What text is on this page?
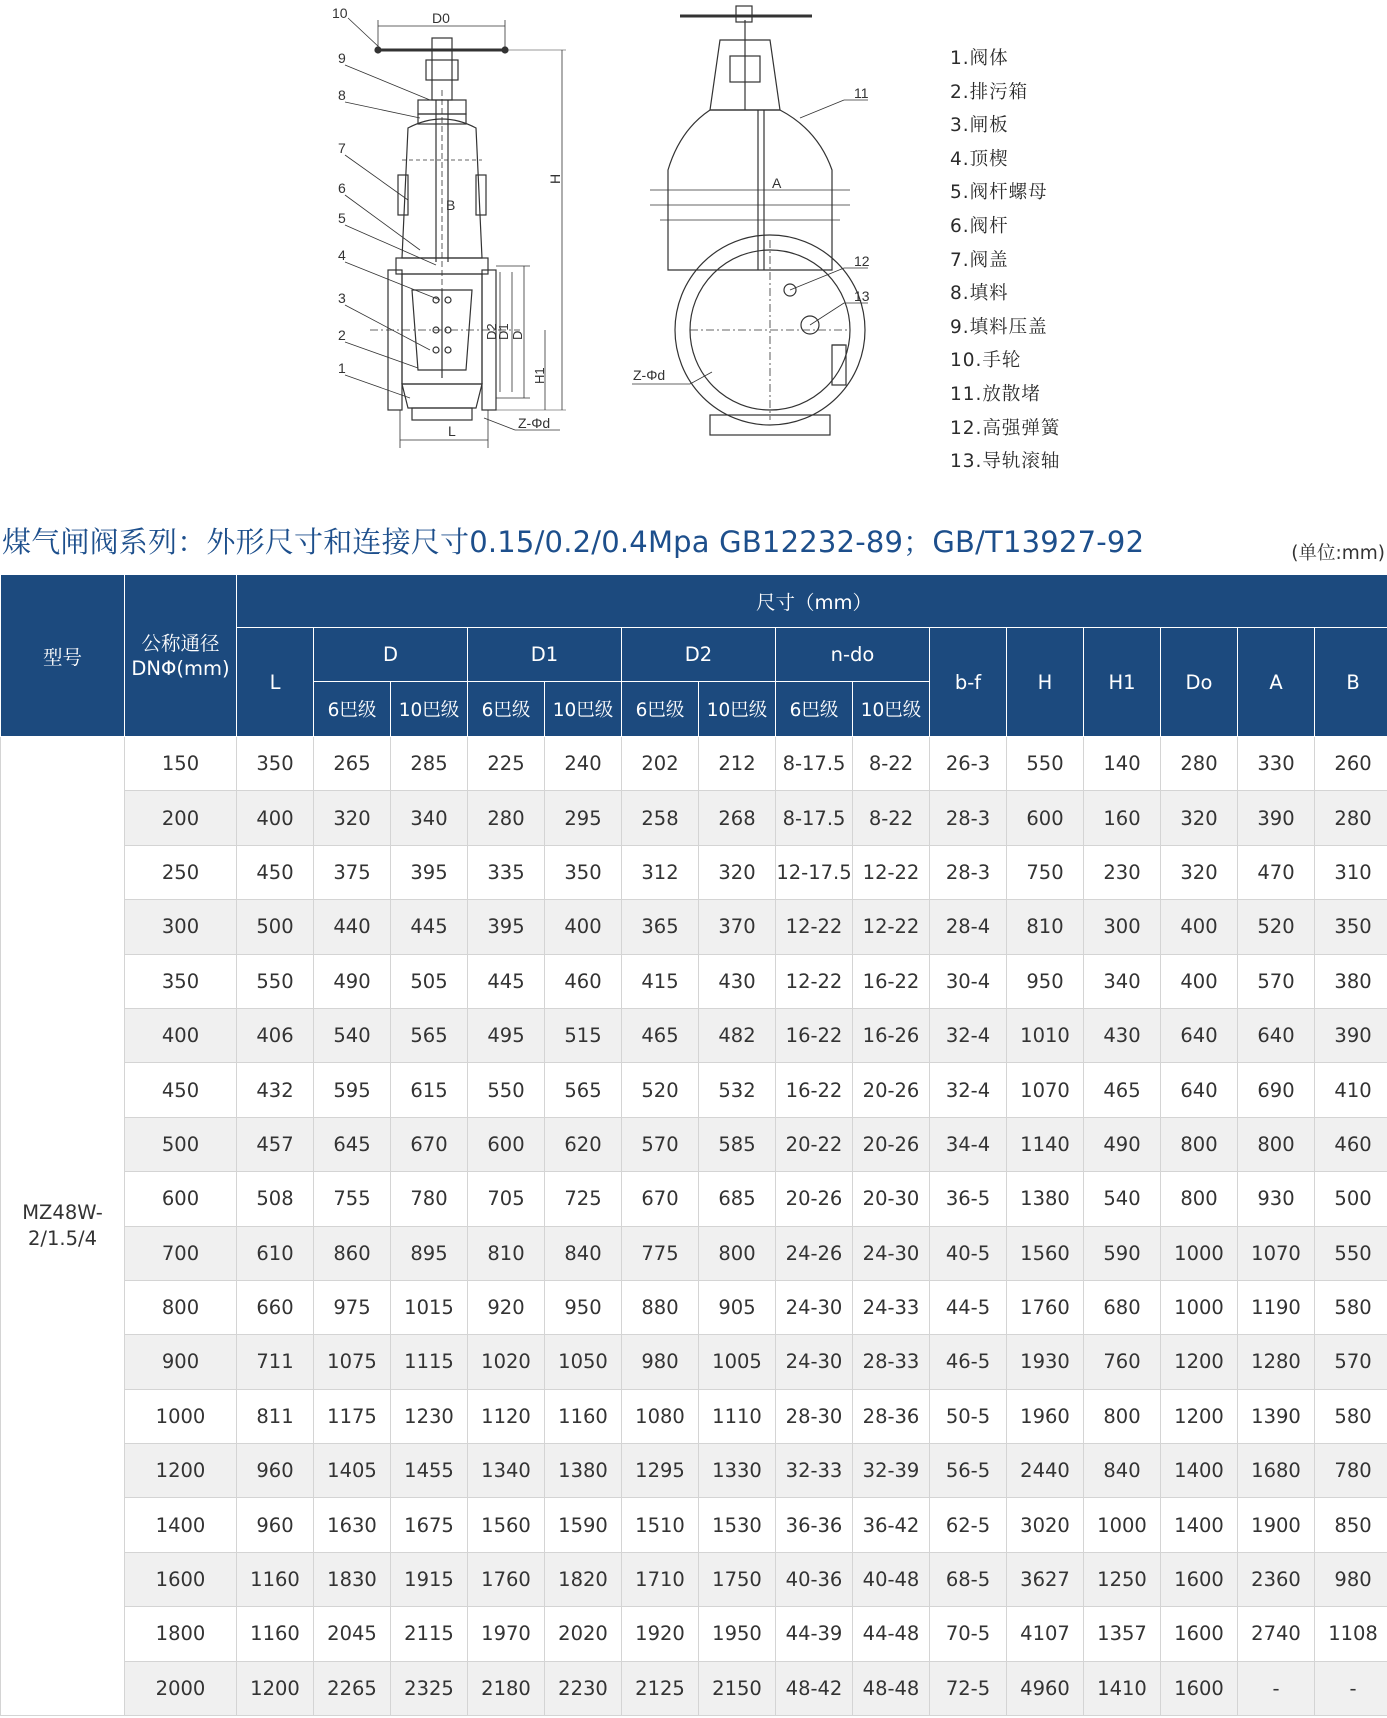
D0
B
D2
D1 D
H
H1
L	Z-Φd
10
9
8
7
6
5
4
3
2
1
A
11
12
13
Z-Φd
1.阀体
2.排污箱
3.闸板
4.顶楔
5.阀杆螺母
6.阀杆
7.阀盖
8.填料
9.填料压盖
10.手轮
11.放散堵
12.高强弹簧
13.导轨滚轴
煤气闸阀系列：外形尺寸和连接尺寸0.15/0.2/0.4Mpa GB12232-89；GB/T13927-92	(单位:mm)
型号	公称通径DNΦ(mm)	尺寸（mm）														
		L	D		D1		D2		n-do		b-f	H	H1	Do	A	B
			6巴级	10巴级	6巴级	10巴级	6巴级	10巴级	6巴级	10巴级						
MZ48W-2/1.5/4	150	350	265	285	225	240	202	212	8-17.5	8-22	26-3	550	140	280	330	260
	200	400	320	340	280	295	258	268	8-17.5	8-22	28-3	600	160	320	390	280
	250	450	375	395	335	350	312	320	12-17.5	12-22	28-3	750	230	320	470	310
	300	500	440	445	395	400	365	370	12-22	12-22	28-4	810	300	400	520	350
	350	550	490	505	445	460	415	430	12-22	16-22	30-4	950	340	400	570	380
	400	406	540	565	495	515	465	482	16-22	16-26	32-4	1010	430	640	640	390
	450	432	595	615	550	565	520	532	16-22	20-26	32-4	1070	465	640	690	410
	500	457	645	670	600	620	570	585	20-22	20-26	34-4	1140	490	800	800	460
	600	508	755	780	705	725	670	685	20-26	20-30	36-5	1380	540	800	930	500
	700	610	860	895	810	840	775	800	24-26	24-30	40-5	1560	590	1000	1070	550
	800	660	975	1015	920	950	880	905	24-30	24-33	44-5	1760	680	1000	1190	580
	900	711	1075	1115	1020	1050	980	1005	24-30	28-33	46-5	1930	760	1200	1280	570
	1000	811	1175	1230	1120	1160	1080	1110	28-30	28-36	50-5	1960	800	1200	1390	580
	1200	960	1405	1455	1340	1380	1295	1330	32-33	32-39	56-5	2440	840	1400	1680	780
	1400	960	1630	1675	1560	1590	1510	1530	36-36	36-42	62-5	3020	1000	1400	1900	850
	1600	1160	1830	1915	1760	1820	1710	1750	40-36	40-48	68-5	3627	1250	1600	2360	980
	1800	1160	2045	2115	1970	2020	1920	1950	44-39	44-48	70-5	4107	1357	1600	2740	1108
	2000	1200	2265	2325	2180	2230	2125	2150	48-42	48-48	72-5	4960	1410	1600	-	-
